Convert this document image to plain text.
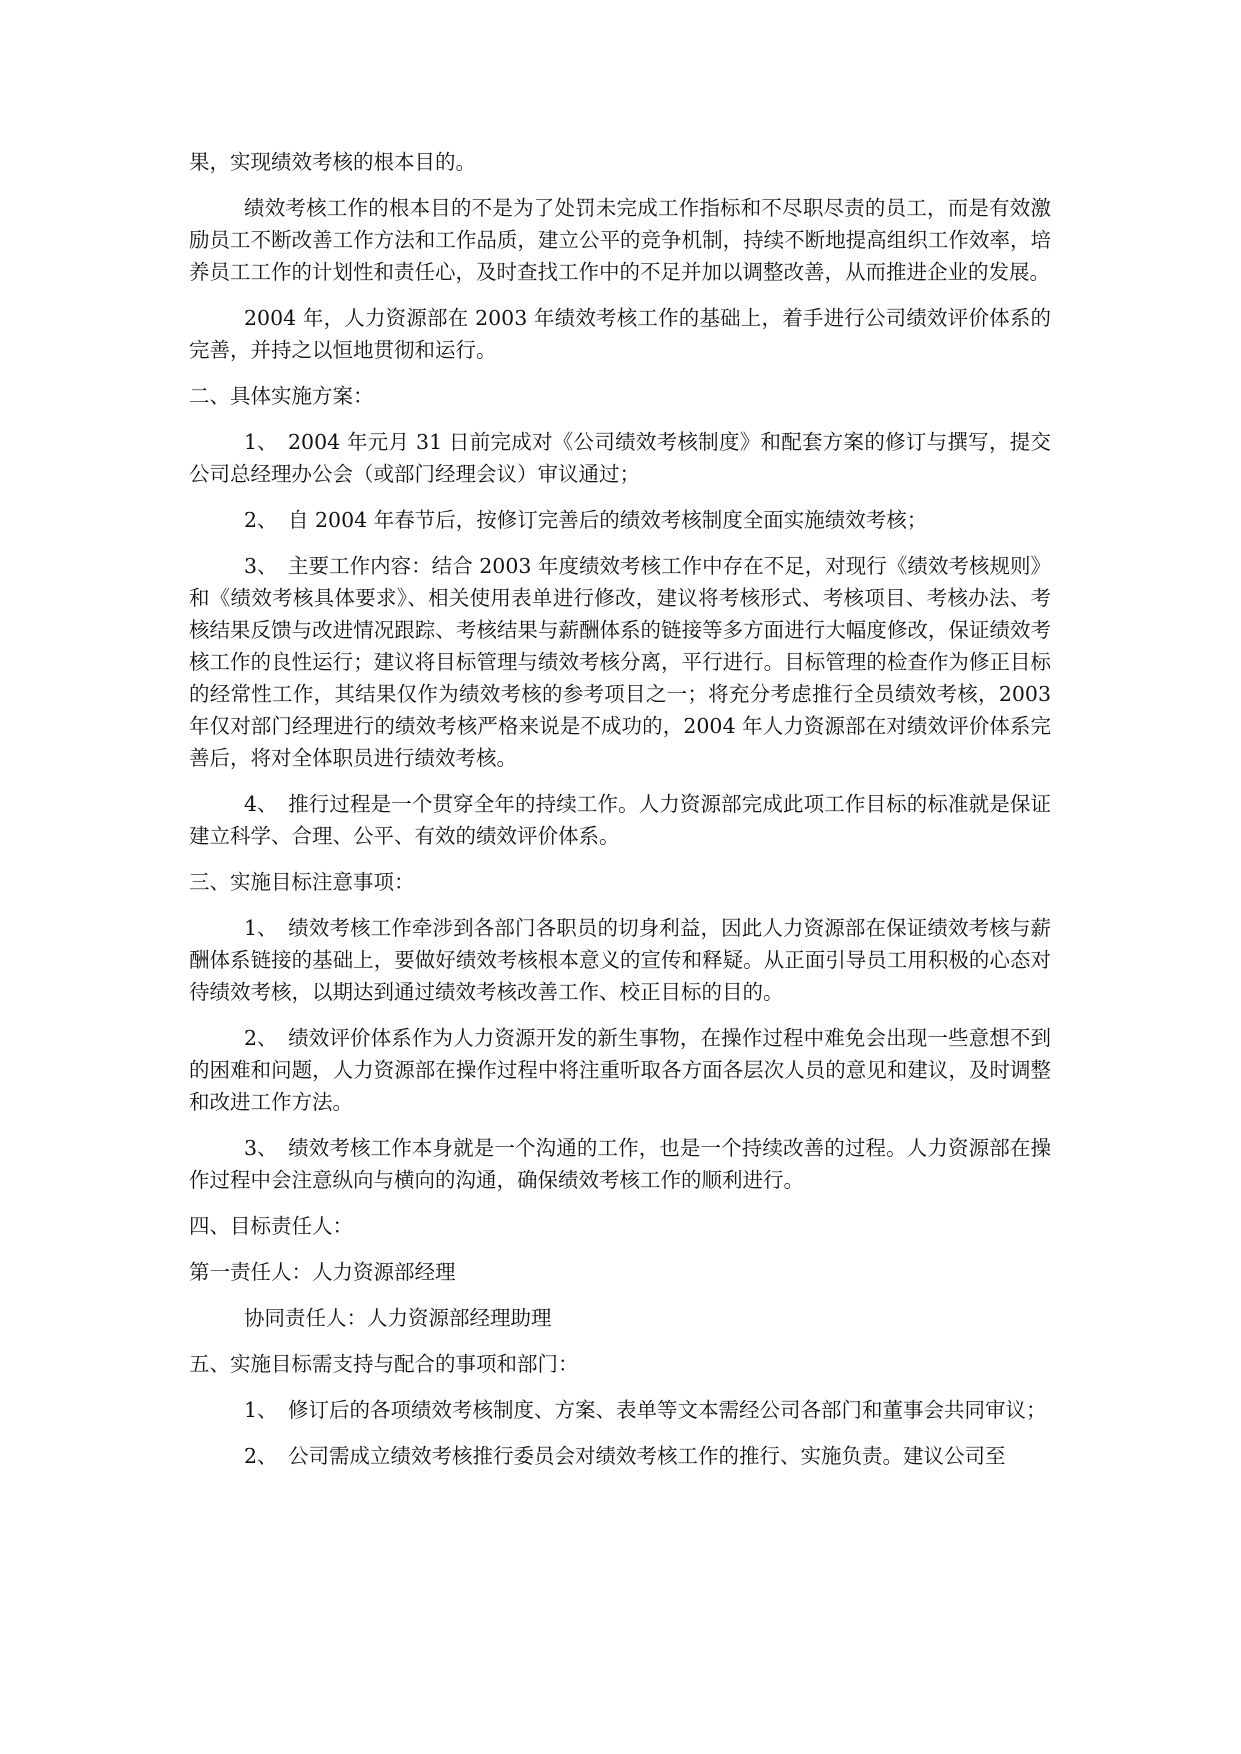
果，实现绩效考核的根本目的。

绩效考核工作的根本目的不是为了处罚未完成工作指标和不尽职尽责的员工，而是有效激励员工不断改善工作方法和工作品质，建立公平的竞争机制，持续不断地提高组织工作效率，培养员工工作的计划性和责任心，及时查找工作中的不足并加以调整改善，从而推进企业的发展。

2004 年，人力资源部在 2003 年绩效考核工作的基础上，着手进行公司绩效评价体系的完善，并持之以恒地贯彻和运行。

二、具体实施方案：

1、 2004 年元月 31 日前完成对《公司绩效考核制度》和配套方案的修订与撰写，提交公司总经理办公会（或部门经理会议）审议通过；

2、 自 2004 年春节后，按修订完善后的绩效考核制度全面实施绩效考核；

3、 主要工作内容：结合 2003 年度绩效考核工作中存在不足，对现行《绩效考核规则》和《绩效考核具体要求》、相关使用表单进行修改，建议将考核形式、考核项目、考核办法、考核结果反馈与改进情况跟踪、考核结果与薪酬体系的链接等多方面进行大幅度修改，保证绩效考核工作的良性运行；建议将目标管理与绩效考核分离，平行进行。目标管理的检查作为修正目标的经常性工作，其结果仅作为绩效考核的参考项目之一；将充分考虑推行全员绩效考核，2003 年仅对部门经理进行的绩效考核严格来说是不成功的，2004 年人力资源部在对绩效评价体系完善后，将对全体职员进行绩效考核。

4、 推行过程是一个贯穿全年的持续工作。人力资源部完成此项工作目标的标准就是保证建立科学、合理、公平、有效的绩效评价体系。

三、实施目标注意事项：

1、 绩效考核工作牵涉到各部门各职员的切身利益，因此人力资源部在保证绩效考核与薪酬体系链接的基础上，要做好绩效考核根本意义的宣传和释疑。从正面引导员工用积极的心态对待绩效考核，以期达到通过绩效考核改善工作、校正目标的目的。

2、 绩效评价体系作为人力资源开发的新生事物，在操作过程中难免会出现一些意想不到的困难和问题，人力资源部在操作过程中将注重听取各方面各层次人员的意见和建议，及时调整和改进工作方法。

3、 绩效考核工作本身就是一个沟通的工作，也是一个持续改善的过程。人力资源部在操作过程中会注意纵向与横向的沟通，确保绩效考核工作的顺利进行。

四、目标责任人：

第一责任人：人力资源部经理

协同责任人：人力资源部经理助理

五、实施目标需支持与配合的事项和部门：

1、 修订后的各项绩效考核制度、方案、表单等文本需经公司各部门和董事会共同审议；

2、 公司需成立绩效考核推行委员会对绩效考核工作的推行、实施负责。建议公司至
